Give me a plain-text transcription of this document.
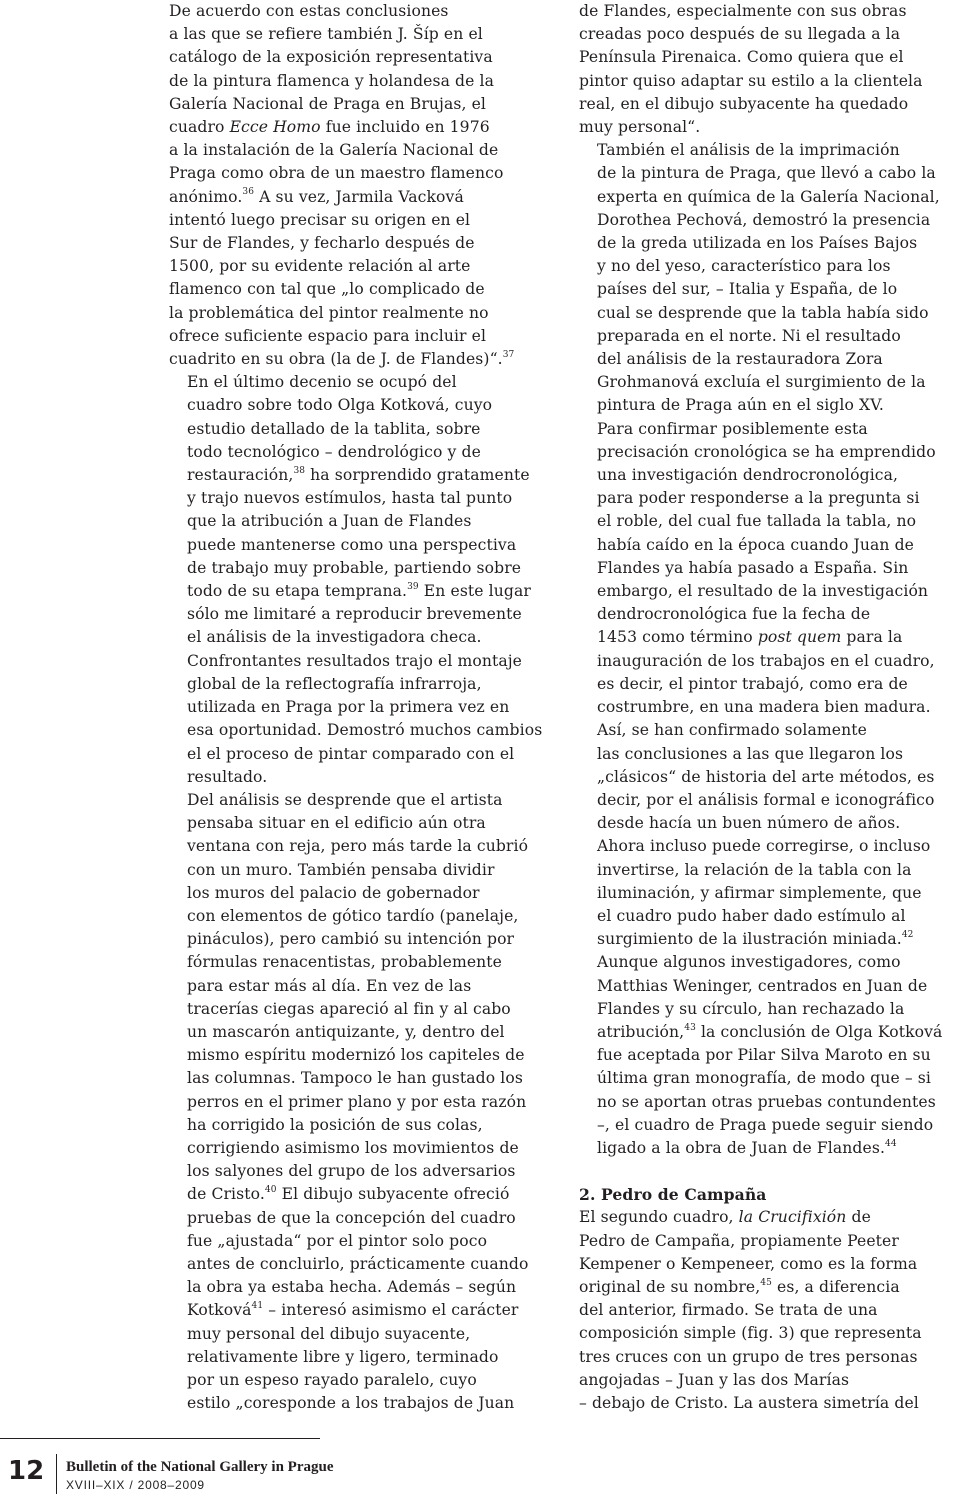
De acuerdo con estas conclusiones
a las que se refiere también J. Šíp en el
catálogo de la exposición representativa
de la pintura flamenca y holandesa de la
Galería Nacional de Praga en Brujas, el
cuadro Ecce Homo fue incluido en 1976
a la instalación de la Galería Nacional de
Praga como obra de un maestro flamenco
anónimo.$^{36}$ A su vez, Jarmila Vacková
intentó luego precisar su origen en el
Sur de Flandes, y fecharlo después de
1500, por su evidente relación al arte
flamenco con tal que „lo complicado de
la problemática del pintor realmente no
ofrece suficiente espacio para incluir el
cuadrito en su obra (la de J. de Flandes)“.$^{37}$

En el último decenio se ocupó del
cuadro sobre todo Olga Kotková, cuyo
estudio detallado de la tablita, sobre
todo tecnológico – dendrológico y de
restauración,$^{38}$ ha sorprendido gratamente
y trajo nuevos estímulos, hasta tal punto
que la atribución a Juan de Flandes
puede mantenerse como una perspectiva
de trabajo muy probable, partiendo sobre
todo de su etapa temprana.$^{39}$ En este lugar
sólo me limitaré a reproducir brevemente
el análisis de la investigadora checa.
Confrontantes resultados trajo el montaje
global de la reflectografía infrarroja,
utilizada en Praga por la primera vez en
esa oportunidad. Demostró muchos cambios
el el proceso de pintar comparado con el
resultado.

Del análisis se desprende que el artista
pensaba situar en el edificio aún otra
ventana con reja, pero más tarde la cubrió
con un muro. También pensaba dividir
los muros del palacio de gobernador
con elementos de gótico tardío (panelaje,
pináculos), pero cambió su intención por
fórmulas renacentistas, probablemente
para estar más al día. En vez de las
tracerías ciegas apareció al fin y al cabo
un mascarón antiquizante, y, dentro del
mismo espíritu modernizó los capiteles de
las columnas. Tampoco le han gustado los
perros en el primer plano y por esta razón
ha corrigido la posición de sus colas,
corrigiendo asimismo los movimientos de
los salyones del grupo de los adversarios
de Cristo.$^{40}$ El dibujo subyacente ofreció
pruebas de que la concepción del cuadro
fue „ajustada“ por el pintor solo poco
antes de concluirlo, prácticamente cuando
la obra ya estaba hecha. Además – según
Kotková$^{41}$ – interesó asimismo el carácter
muy personal del dibujo suyacente,
relativamente libre y ligero, terminado
por un espeso rayado paralelo, cuyo
estilo „coresponde a los trabajos de Juan

de Flandes, especialmente con sus obras
creadas poco después de su llegada a la
Península Pirenaica. Como quiera que el
pintor quiso adaptar su estilo a la clientela
real, en el dibujo subyacente ha quedado
muy personal“.

También el análisis de la imprimación
de la pintura de Praga, que llevó a cabo la
experta en química de la Galería Nacional,
Dorothea Pechová, demostró la presencia
de la greda utilizada en los Países Bajos
y no del yeso, característico para los
países del sur, – Italia y España, de lo
cual se desprende que la tabla había sido
preparada en el norte. Ni el resultado
del análisis de la restauradora Zora
Grohmanová excluía el surgimiento de la
pintura de Praga aún en el siglo XV.

Para confirmar posiblemente esta
precisación cronológica se ha emprendido
una investigación dendrocronológica,
para poder responderse a la pregunta si
el roble, del cual fue tallada la tabla, no
había caído en la época cuando Juan de
Flandes ya había pasado a España. Sin
embargo, el resultado de la investigación
dendrocronológica fue la fecha de
1453 como término post quem para la
inauguración de los trabajos en el cuadro,
es decir, el pintor trabajó, como era de
costrumbre, en una madera bien madura.

Así, se han confirmado solamente
las conclusiones a las que llegaron los
„clásicos“ de historia del arte métodos, es
decir, por el análisis formal e iconográfico
desde hacía un buen número de años.
Ahora incluso puede corregirse, o incluso
invertirse, la relación de la tabla con la
iluminación, y afirmar simplemente, que
el cuadro pudo haber dado estímulo al
surgimiento de la ilustración miniada.$^{42}$
Aunque algunos investigadores, como
Matthias Weninger, centrados en Juan de
Flandes y su círculo, han rechazado la
atribución,$^{43}$ la conclusión de Olga Kotková
fue aceptada por Pilar Silva Maroto en su
última gran monografía, de modo que – si
no se aportan otras pruebas contundentes
–, el cuadro de Praga puede seguir siendo
ligado a la obra de Juan de Flandes.$^{44}$

2. Pedro de Campaña

El segundo cuadro, la Crucifixión de
Pedro de Campaña, propiamente Peeter
Kempener o Kempeneer, como es la forma
original de su nombre,$^{45}$ es, a diferencia
del anterior, firmado. Se trata de una
composición simple (fig. 3) que representa
tres cruces con un grupo de tres personas
angojadas – Juan y las dos Marías
– debajo de Cristo. La austera simetría del

12 Bulletin of the National Gallery in Prague
XVIII–XIX / 2008–2009
